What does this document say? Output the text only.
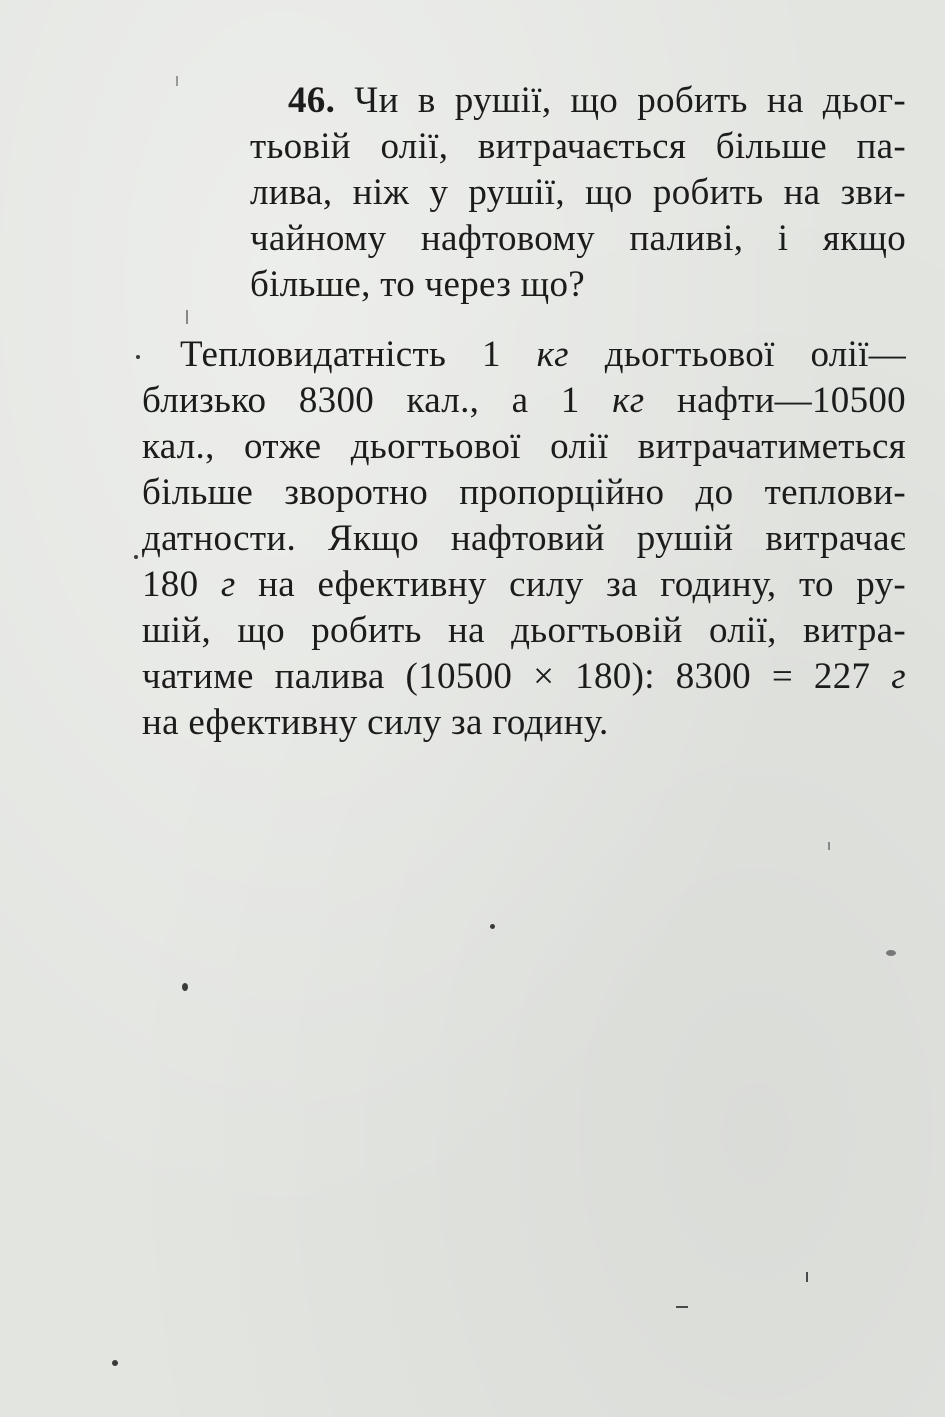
46. Чи в рушії, що робить на дьог-
тьовій олії, витрачається більше па-
лива, ніж у рушії, що робить на зви-
чайному нафтовому паливі, і якщо
більше, то через що?
Тепловидатність 1 кг дьогтьової олії—
близько 8300 кал., а 1 кг нафти—10500
кал., отже дьогтьової олії витрачатиметься
більше зворотно пропорційно до теплови-
датности. Якщо нафтовий рушій витрачає
180 г на ефективну силу за годину, то ру-
шій, що робить на дьогтьовій олії, витра-
чатиме палива (10500 × 180): 8300 = 227 г
на ефективну силу за годину.
